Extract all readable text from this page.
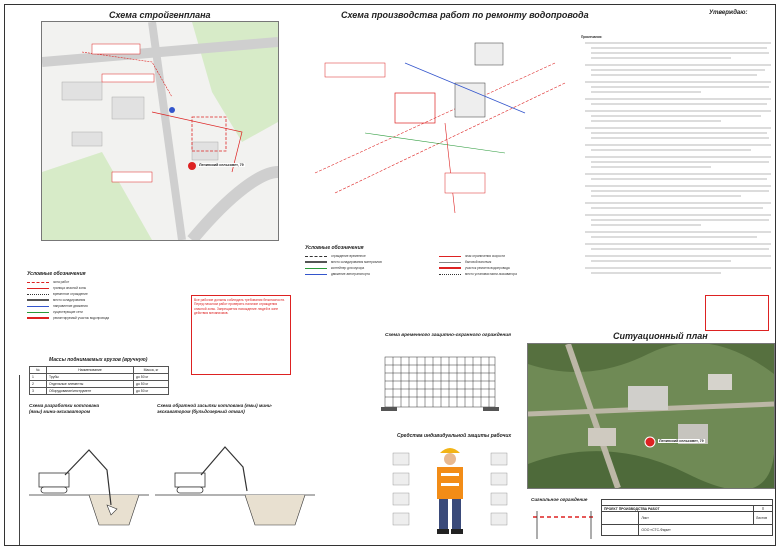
Схема стройгенплана
Ленинский сельсовет, 79
Условные обозначения
зона работ
граница опасной зоны
временное ограждение
место складирования
направление движения
существующие сети
ремонтируемый участок водопровода
Массы поднимаемых грузов (вручную)
№	Наименование	Масса, кг
1	Трубы	до 50 кг
2	Отдельные элементы	до 50 кг
3	Оборудование/инструмент	до 50 кг
Все рабочие должны соблюдать требования безопасности. Перед началом работ проверить наличие ограждения опасной зоны. Запрещается нахождение людей в зоне действия механизмов.
Схема разработки котлована (ямы) мини-экскаватором
Схема обратной засыпки котлована (ямы) мини-экскаватором (бульдозерный отвал)
Схема производства работ по ремонту водопровода
Условные обозначения
ограждение временное	знак ограничения скорости
место складирования материалов	бытовой вагончик
контейнер для мусора	участок ремонта водопровода
движение автотранспорта	место установки мини-экскаватора
Схема временного защитно-охранного ограждения
Средства индивидуальной защиты рабочих
Сигнальное ограждение
Утверждаю:
Примечания:
Ситуационный план
Ленинский сельсовет, 79

ПРОЕКТ ПРОИЗВОДСТВА РАБОТ		П
	Лист	Листов
	ООО «СТС-Фарм»	
